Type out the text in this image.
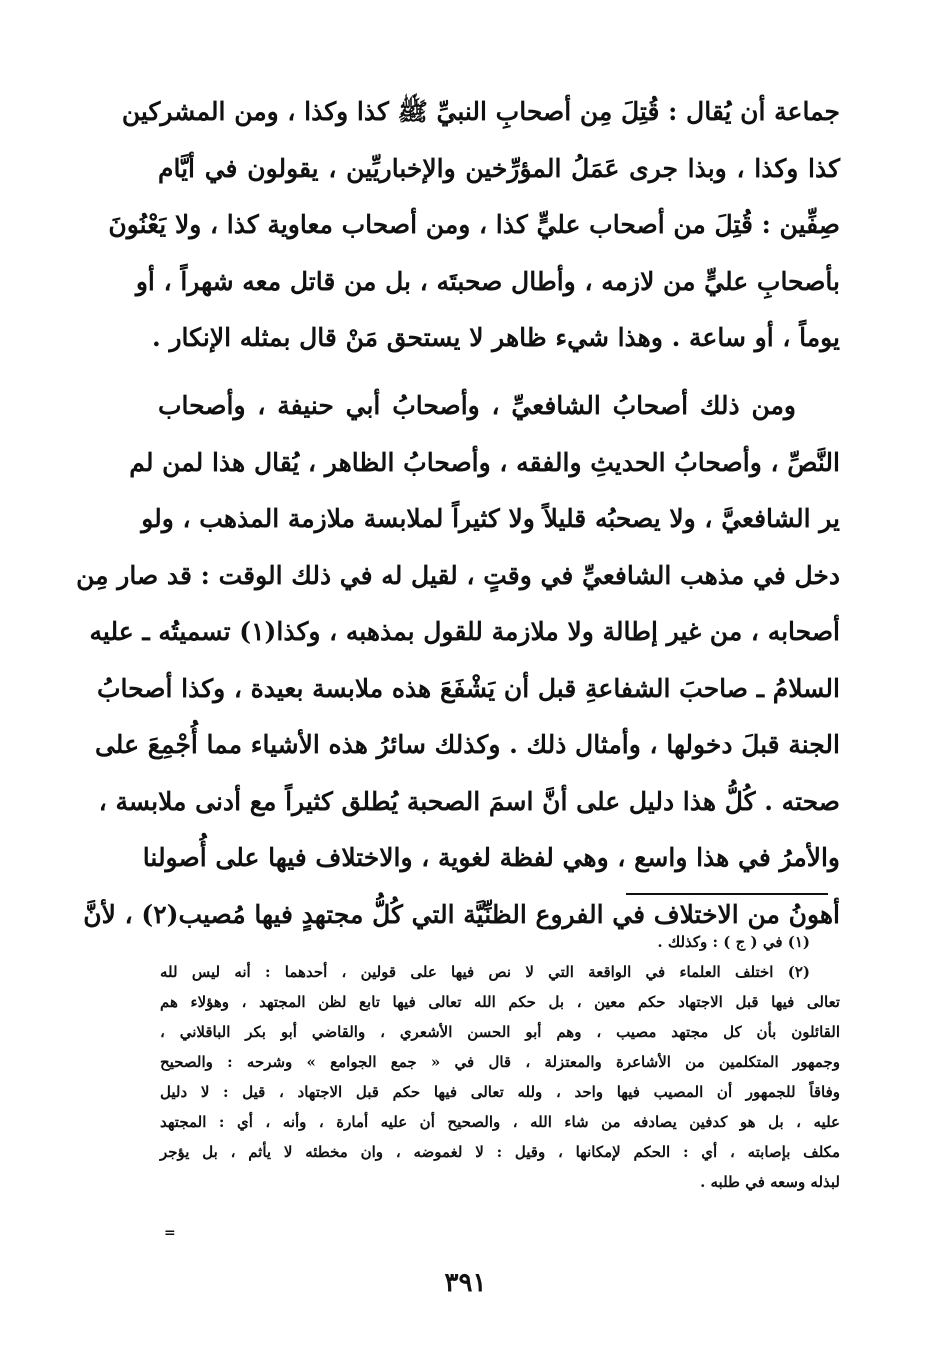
جماعة أن يُقال : قُتِلَ مِن أصحابِ النبيِّ ﷺ كذا وكذا ، ومن المشركين
كذا وكذا ، وبذا جرى عَمَلُ المؤرِّخين والإخباريِّين ، يقولون في أيَّام
صِفِّين : قُتِلَ من أصحاب عليٍّ كذا ، ومن أصحاب معاوية كذا ، ولا يَعْنُونَ
بأصحابِ عليٍّ من لازمه ، وأطال صحبتَه ، بل من قاتل معه شهراً ، أو
يوماً ، أو ساعة . وهذا شيء ظاهر لا يستحق مَنْ قال بمثله الإنكار .
ومن ذلك أصحابُ الشافعيِّ ، وأصحابُ أبي حنيفة ، وأصحاب
النَّصِّ ، وأصحابُ الحديثِ والفقه ، وأصحابُ الظاهر ، يُقال هذا لمن لم
ير الشافعيَّ ، ولا يصحبُه قليلاً ولا كثيراً لملابسة ملازمة المذهب ، ولو
دخل في مذهب الشافعيِّ في وقتٍ ، لقيل له في ذلك الوقت : قد صار مِن
أصحابه ، من غير إطالة ولا ملازمة للقول بمذهبه ، وكذا(١) تسميتُه ـ عليه
السلامُ ـ صاحبَ الشفاعةِ قبل أن يَشْفَعَ هذه ملابسة بعيدة ، وكذا أصحابُ
الجنة قبلَ دخولها ، وأمثال ذلك . وكذلك سائرُ هذه الأشياء مما أُجْمِعَ على
صحته . كُلُّ هذا دليل على أنَّ اسمَ الصحبة يُطلق كثيراً مع أدنى ملابسة ،
والأمرُ في هذا واسع ، وهي لفظة لغوية ، والاختلاف فيها على أُصولنا
أهونُ من الاختلاف في الفروع الظنِّيَّة التي كُلُّ مجتهدٍ فيها مُصيب(٢) ، لأنَّ
(١) في ( ج ) : وكذلك .
(٢) اختلف العلماء في الواقعة التي لا نص فيها على قولين ، أحدهما : أنه ليس لله
تعالى فيها قبل الاجتهاد حكم معين ، بل حكم الله تعالى فيها تابع لظن المجتهد ، وهؤلاء هم
القائلون بأن كل مجتهد مصيب ، وهم أبو الحسن الأشعري ، والقاضي أبو بكر الباقلاني ،
وجمهور المتكلمين من الأشاعرة والمعتزلة ، قال في « جمع الجوامع » وشرحه : والصحيح
وفاقاً للجمهور أن المصيب فيها واحد ، ولله تعالى فيها حكم قبل الاجتهاد ، قيل : لا دليل
عليه ، بل هو كدفين يصادفه من شاء الله ، والصحيح أن عليه أمارة ، وأنه ، أي : المجتهد
مكلف بإصابته ، أي : الحكم لإمكانها ، وقيل : لا لغموضه ، وان مخطئه لا يأثم ، بل يؤجر
لبذله وسعه في طلبه .
=
٣٩١
